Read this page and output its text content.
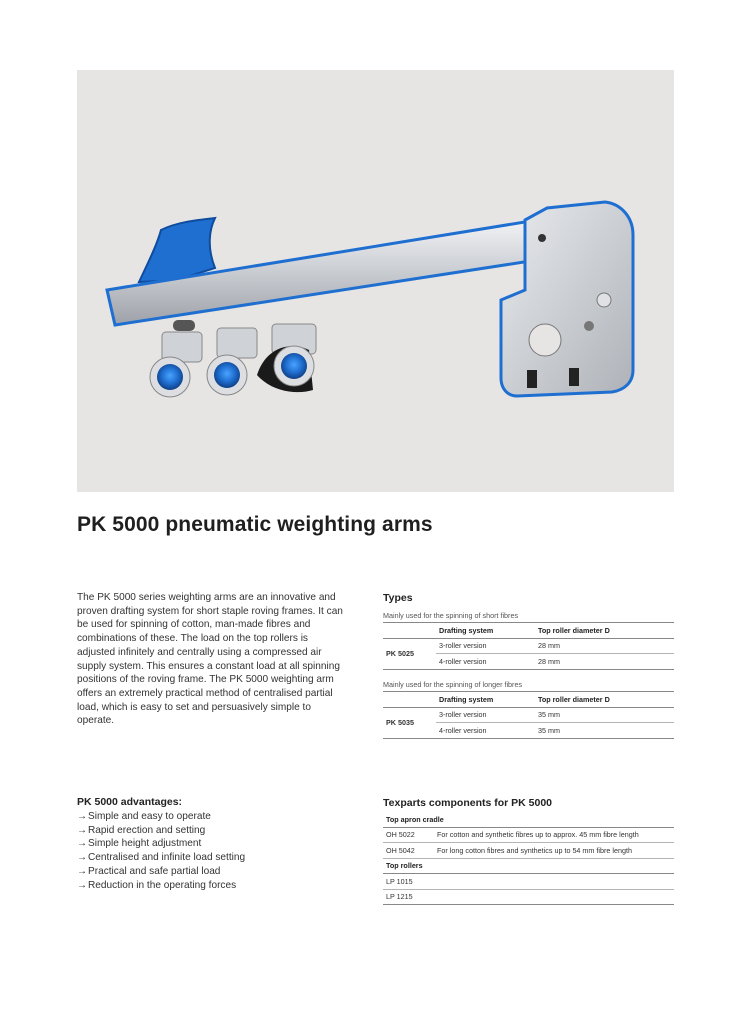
PK 5000 pneumatic weighting arms

The PK 5000 series weighting arms are an innovative and proven drafting system for short staple roving frames. It can be used for spinning of cotton, man-made fibres and combinations of these. The load on the top rollers is adjusted infinitely and centrally using a compressed air supply system. This ensures a constant load at all spinning positions of the roving frame. The PK 5000 weighting arm offers an extremely practical method of centralised partial load, which is easy to set and persuasively simple to operate.

PK 5000 advantages:
→Simple and easy to operate
→Rapid erection and setting
→Simple height adjustment
→Centralised and infinite load setting
→Practical and safe partial load
→Reduction in the operating forces
Types

Mainly used for the spinning of short fibres

	Drafting system	Top roller diameter D
PK 5025	3-roller version	28 mm
	4-roller version	28 mm

Mainly used for the spinning of longer fibres

	Drafting system	Top roller diameter D
PK 5035	3-roller version	35 mm
	4-roller version	35 mm
Texparts components for PK 5000
Top apron cradle	
OH 5022	For cotton and synthetic fibres up to approx. 45 mm fibre length
OH 5042	For long cotton fibres and synthetics up to 54 mm fibre length
Top rollers	
LP 1015	
LP 1215	
